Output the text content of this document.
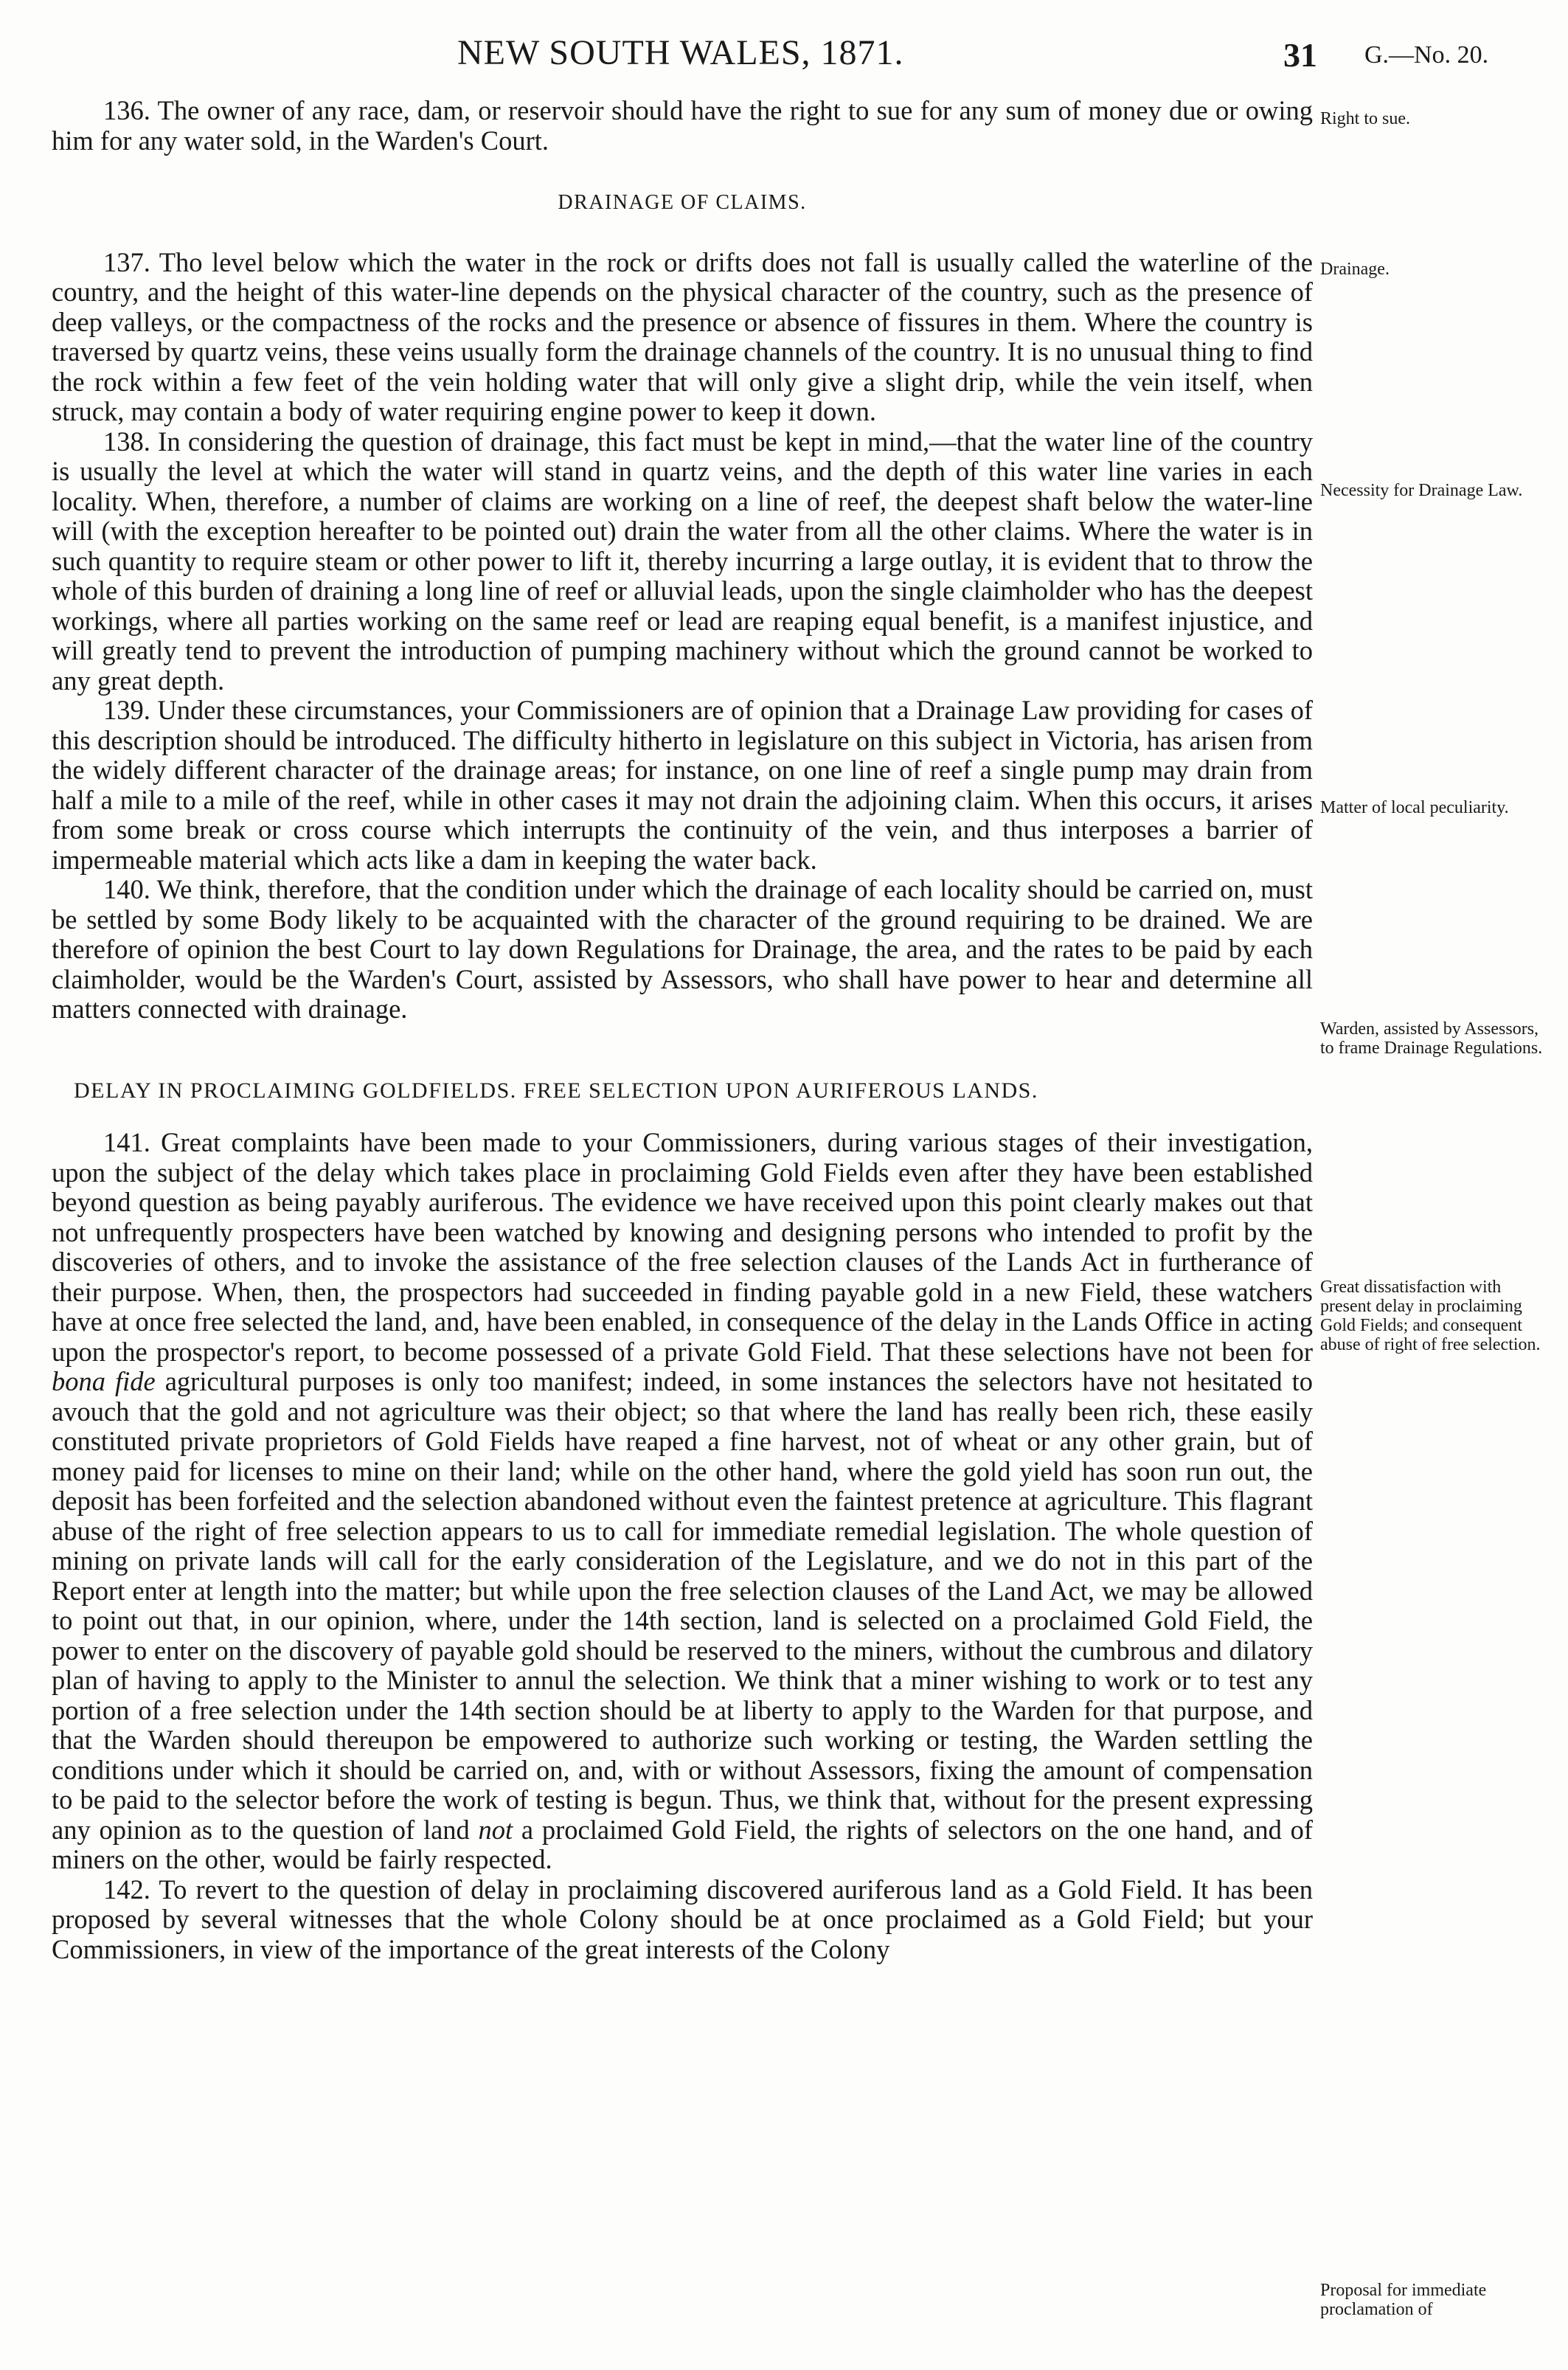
NEW SOUTH WALES, 1871.	31 G.—No. 20.

136. The owner of any race, dam, or reservoir should have the right to sue for any sum of money due or owing him for any water sold, in the Warden's Court.

DRAINAGE OF CLAIMS.

137. Tho level below which the water in the rock or drifts does not fall is usually called the waterline of the country, and the height of this water-line depends on the physical character of the country, such as the presence of deep valleys, or the compactness of the rocks and the presence or absence of fissures in them. Where the country is traversed by quartz veins, these veins usually form the drainage channels of the country. It is no unusual thing to find the rock within a few feet of the vein holding water that will only give a slight drip, while the vein itself, when struck, may contain a body of water requiring engine power to keep it down.

138. In considering the question of drainage, this fact must be kept in mind,—that the water line of the country is usually the level at which the water will stand in quartz veins, and the depth of this water line varies in each locality. When, therefore, a number of claims are working on a line of reef, the deepest shaft below the water-line will (with the exception hereafter to be pointed out) drain the water from all the other claims. Where the water is in such quantity to require steam or other power to lift it, thereby incurring a large outlay, it is evident that to throw the whole of this burden of draining a long line of reef or alluvial leads, upon the single claimholder who has the deepest workings, where all parties working on the same reef or lead are reaping equal benefit, is a manifest injustice, and will greatly tend to prevent the introduction of pumping machinery without which the ground cannot be worked to any great depth.

139. Under these circumstances, your Commissioners are of opinion that a Drainage Law providing for cases of this description should be introduced. The difficulty hitherto in legislature on this subject in Victoria, has arisen from the widely different character of the drainage areas; for instance, on one line of reef a single pump may drain from half a mile to a mile of the reef, while in other cases it may not drain the adjoining claim. When this occurs, it arises from some break or cross course which interrupts the continuity of the vein, and thus interposes a barrier of impermeable material which acts like a dam in keeping the water back.

140. We think, therefore, that the condition under which the drainage of each locality should be carried on, must be settled by some Body likely to be acquainted with the character of the ground requiring to be drained. We are therefore of opinion the best Court to lay down Regulations for Drainage, the area, and the rates to be paid by each claimholder, would be the Warden's Court, assisted by Assessors, who shall have power to hear and determine all matters connected with drainage.

DELAY IN PROCLAIMING GOLDFIELDS. FREE SELECTION UPON AURIFEROUS LANDS.

141. Great complaints have been made to your Commissioners, during various stages of their investigation, upon the subject of the delay which takes place in proclaiming Gold Fields even after they have been established beyond question as being payably auriferous. The evidence we have received upon this point clearly makes out that not unfrequently prospecters have been watched by knowing and designing persons who intended to profit by the discoveries of others, and to invoke the assistance of the free selection clauses of the Lands Act in furtherance of their purpose. When, then, the prospectors had succeeded in finding payable gold in a new Field, these watchers have at once free selected the land, and, have been enabled, in consequence of the delay in the Lands Office in acting upon the prospector's report, to become possessed of a private Gold Field. That these selections have not been for bona fide agricultural purposes is only too manifest; indeed, in some instances the selectors have not hesitated to avouch that the gold and not agriculture was their object; so that where the land has really been rich, these easily constituted private proprietors of Gold Fields have reaped a fine harvest, not of wheat or any other grain, but of money paid for licenses to mine on their land; while on the other hand, where the gold yield has soon run out, the deposit has been forfeited and the selection abandoned without even the faintest pretence at agriculture. This flagrant abuse of the right of free selection appears to us to call for immediate remedial legislation. The whole question of mining on private lands will call for the early consideration of the Legislature, and we do not in this part of the Report enter at length into the matter; but while upon the free selection clauses of the Land Act, we may be allowed to point out that, in our opinion, where, under the 14th section, land is selected on a proclaimed Gold Field, the power to enter on the discovery of payable gold should be reserved to the miners, without the cumbrous and dilatory plan of having to apply to the Minister to annul the selection. We think that a miner wishing to work or to test any portion of a free selection under the 14th section should be at liberty to apply to the Warden for that purpose, and that the Warden should thereupon be empowered to authorize such working or testing, the Warden settling the conditions under which it should be carried on, and, with or without Assessors, fixing the amount of compensation to be paid to the selector before the work of testing is begun. Thus, we think that, without for the present expressing any opinion as to the question of land not a proclaimed Gold Field, the rights of selectors on the one hand, and of miners on the other, would be fairly respected.

142. To revert to the question of delay in proclaiming discovered auriferous land as a Gold Field. It has been proposed by several witnesses that the whole Colony should be at once proclaimed as a Gold Field; but your Commissioners, in view of the importance of the great interests of the Colony

Right to sue.
Drainage.
Necessity for Drainage Law.
Matter of local peculiarity.
Warden, assisted by Assessors, to frame Drainage Regulations.
Great dissatisfaction with present delay in proclaiming Gold Fields; and consequent abuse of right of free selection.
Proposal for immediate proclamation of
